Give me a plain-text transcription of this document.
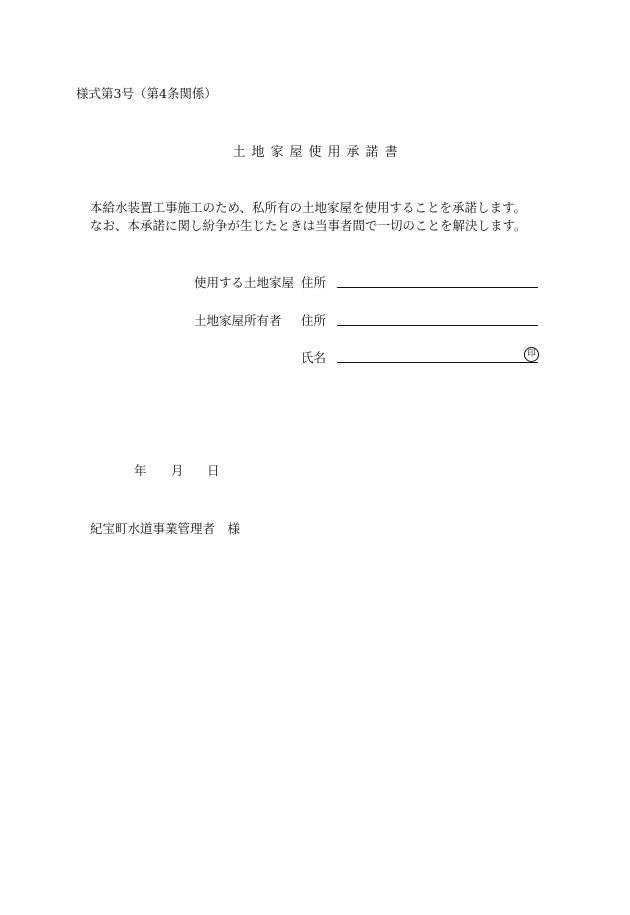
様式第3号（第4条関係）
土地家屋使用承諾書
本給水装置工事施工のため、私所有の土地家屋を使用することを承諾します。
なお、本承諾に関し紛争が生じたときは当事者間で一切のことを解決します。
使用する土地家屋 住所
土地家屋所有者 住所
氏名	印
年 月 日
紀宝町水道事業管理者　様
